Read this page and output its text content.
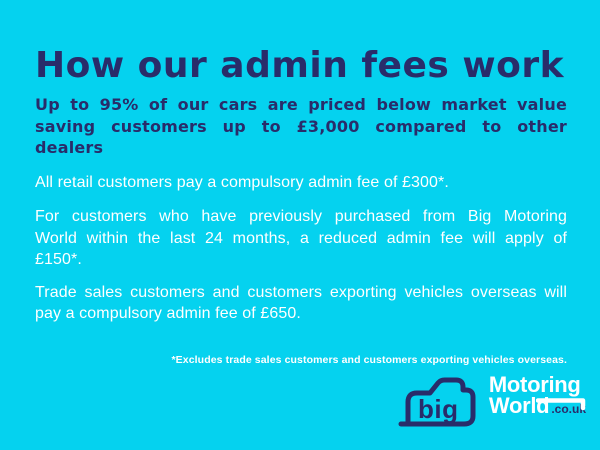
How our admin fees work

Up to 95% of our cars are priced below market value
saving customers up to £3,000 compared to other
dealers

All retail customers pay a compulsory admin fee of £300*.

For customers who have previously purchased from Big Motoring
World within the last 24 months, a reduced admin fee will apply of
£150*.

Trade sales customers and customers exporting vehicles overseas will
pay a compulsory admin fee of £650.

*Excludes trade sales customers and customers exporting vehicles overseas.

big
Motoring
World .co.uk
